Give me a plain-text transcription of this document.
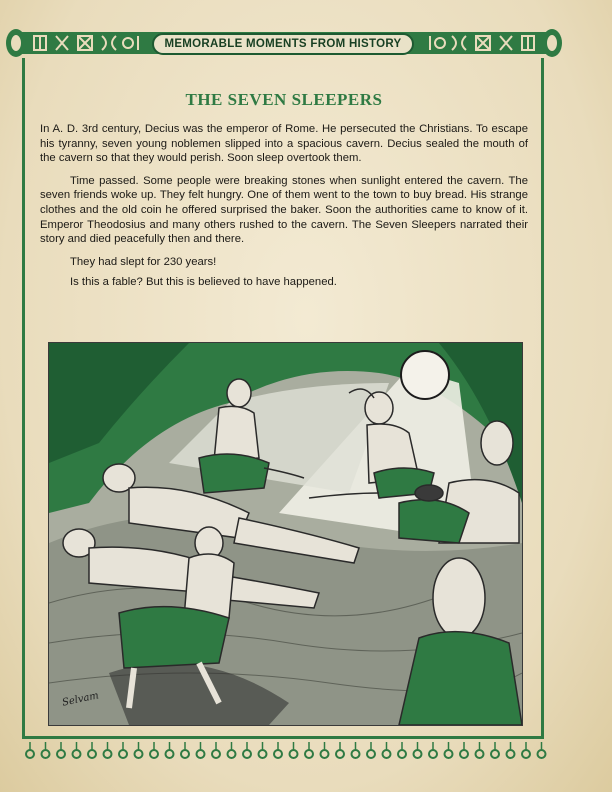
MEMORABLE MOMENTS FROM HISTORY
THE SEVEN SLEEPERS

In A. D. 3rd century, Decius was the emperor of Rome. He persecuted the Christians. To escape his tyranny, seven young noblemen slipped into a spacious cavern. Decius sealed the mouth of the cavern so that they would perish. Soon sleep overtook them.

Time passed. Some people were breaking stones when sunlight entered the cavern. The seven friends woke up. They felt hungry. One of them went to the town to buy bread. His strange clothes and the old coin he offered surprised the baker. Soon the authorities came to know of it. Emperor Theodosius and many others rushed to the cavern. The Seven Sleepers narrated their story and died peacefully then and there.

They had slept for 230 years!

Is this a fable? But this is believed to have happened.

Selvam
